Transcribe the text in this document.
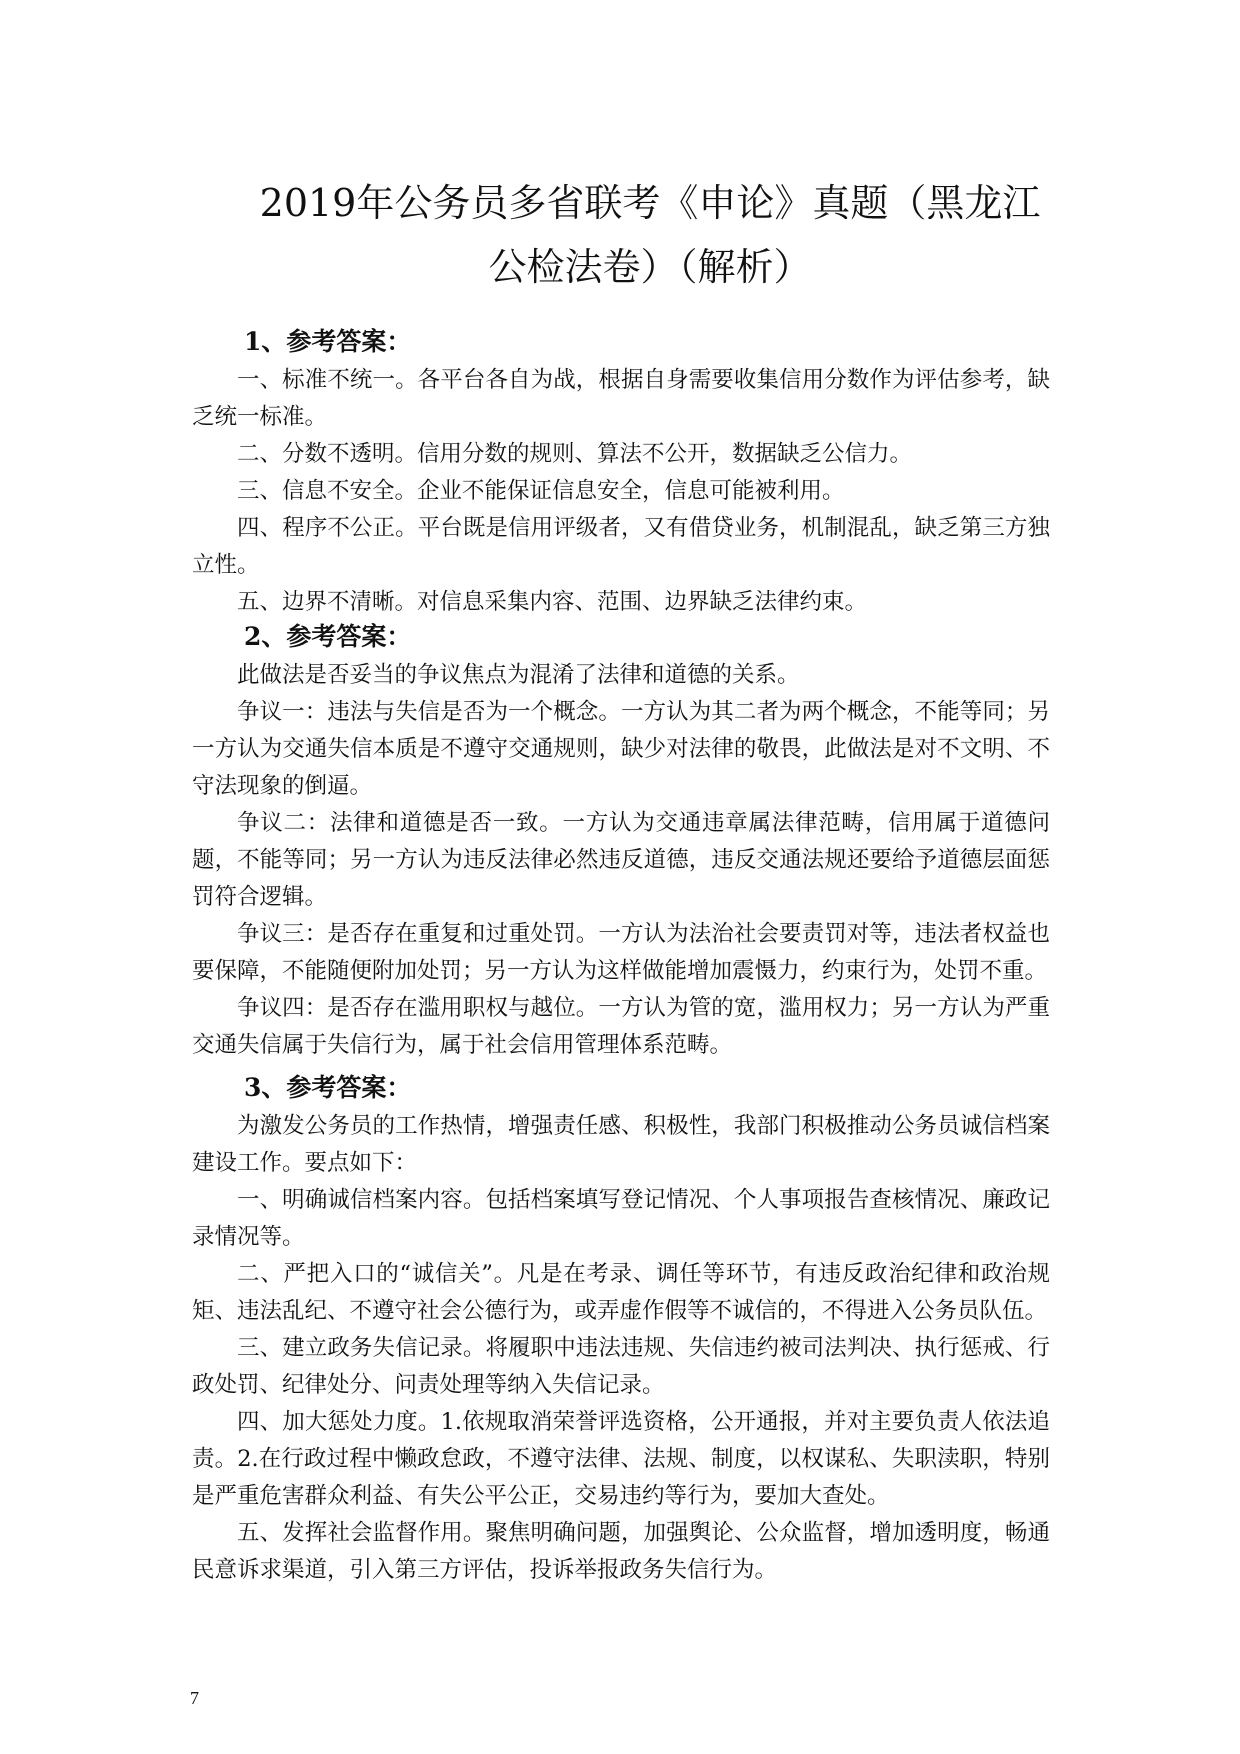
2019年公务员多省联考《申论》真题（黑龙江
公检法卷）（解析）
1、参考答案：

一、标准不统一。各平台各自为战，根据自身需要收集信用分数作为评估参考，缺乏统一标准。

二、分数不透明。信用分数的规则、算法不公开，数据缺乏公信力。

三、信息不安全。企业不能保证信息安全，信息可能被利用。

四、程序不公正。平台既是信用评级者，又有借贷业务，机制混乱，缺乏第三方独立性。

五、边界不清晰。对信息采集内容、范围、边界缺乏法律约束。

2、参考答案：

此做法是否妥当的争议焦点为混淆了法律和道德的关系。

争议一：违法与失信是否为一个概念。一方认为其二者为两个概念，不能等同；另一方认为交通失信本质是不遵守交通规则，缺少对法律的敬畏，此做法是对不文明、不守法现象的倒逼。

争议二：法律和道德是否一致。一方认为交通违章属法律范畴，信用属于道德问题，不能等同；另一方认为违反法律必然违反道德，违反交通法规还要给予道德层面惩罚符合逻辑。

争议三：是否存在重复和过重处罚。一方认为法治社会要责罚对等，违法者权益也要保障，不能随便附加处罚；另一方认为这样做能增加震慑力，约束行为，处罚不重。

争议四：是否存在滥用职权与越位。一方认为管的宽，滥用权力；另一方认为严重交通失信属于失信行为，属于社会信用管理体系范畴。

3、参考答案：

为激发公务员的工作热情，增强责任感、积极性，我部门积极推动公务员诚信档案建设工作。要点如下：

一、明确诚信档案内容。包括档案填写登记情况、个人事项报告查核情况、廉政记录情况等。

二、严把入口的“诚信关”。凡是在考录、调任等环节，有违反政治纪律和政治规矩、违法乱纪、不遵守社会公德行为，或弄虚作假等不诚信的，不得进入公务员队伍。

三、建立政务失信记录。将履职中违法违规、失信违约被司法判决、执行惩戒、行政处罚、纪律处分、问责处理等纳入失信记录。

四、加大惩处力度。1.依规取消荣誉评选资格，公开通报，并对主要负责人依法追责。2.在行政过程中懒政怠政，不遵守法律、法规、制度，以权谋私、失职渎职，特别是严重危害群众利益、有失公平公正，交易违约等行为，要加大查处。

五、发挥社会监督作用。聚焦明确问题，加强舆论、公众监督，增加透明度，畅通民意诉求渠道，引入第三方评估，投诉举报政务失信行为。

7
